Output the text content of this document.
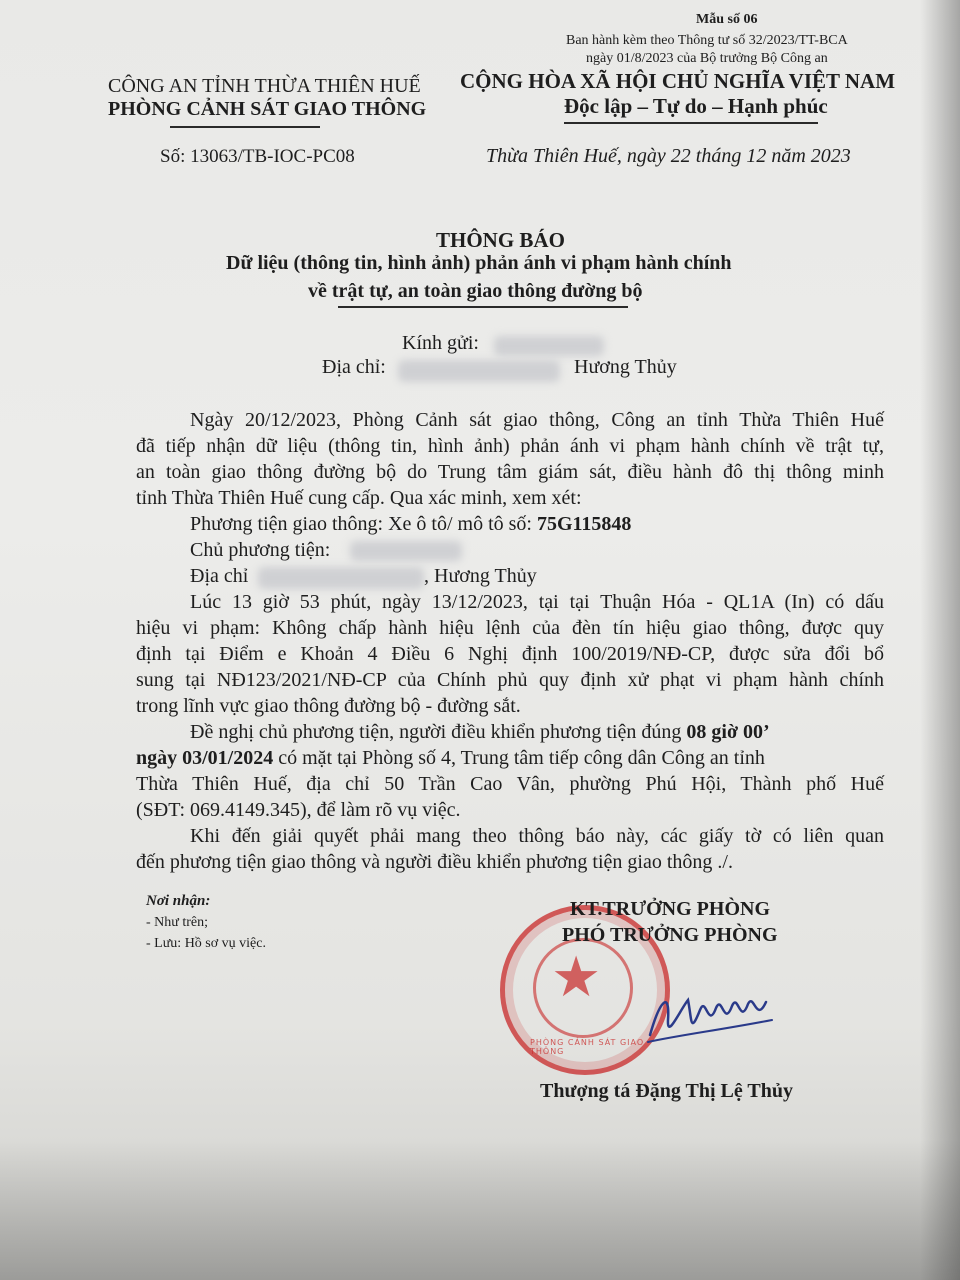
Mẫu số 06
Ban hành kèm theo Thông tư số 32/2023/TT-BCA
ngày 01/8/2023 của Bộ trưởng Bộ Công an
CÔNG AN TỈNH THỪA THIÊN HUẾ
PHÒNG CẢNH SÁT GIAO THÔNG
Số: 13063/TB-IOC-PC08
CỘNG HÒA XÃ HỘI CHỦ NGHĨA VIỆT NAM
Độc lập – Tự do – Hạnh phúc
Thừa Thiên Huế, ngày 22 tháng 12 năm 2023
THÔNG BÁO
Dữ liệu (thông tin, hình ảnh) phản ánh vi phạm hành chính
về trật tự, an toàn giao thông đường bộ
Kính gửi:
Địa chỉ:	Hương Thủy
Ngày 20/12/2023, Phòng Cảnh sát giao thông, Công an tỉnh Thừa Thiên Huế
đã tiếp nhận dữ liệu (thông tin, hình ảnh) phản ánh vi phạm hành chính về trật tự,
an toàn giao thông đường bộ do Trung tâm giám sát, điều hành đô thị thông minh
tỉnh Thừa Thiên Huế cung cấp. Qua xác minh, xem xét:
Phương tiện giao thông: Xe ô tô/ mô tô số: 75G115848
Chủ phương tiện:
Địa chỉ	, Hương Thủy
Lúc 13 giờ 53 phút, ngày 13/12/2023, tại tại Thuận Hóa - QL1A (In) có dấu
hiệu vi phạm: Không chấp hành hiệu lệnh của đèn tín hiệu giao thông, được quy
định tại Điểm e Khoản 4 Điều 6 Nghị định 100/2019/NĐ-CP, được sửa đổi bổ
sung tại NĐ123/2021/NĐ-CP của Chính phủ quy định xử phạt vi phạm hành chính
trong lĩnh vực giao thông đường bộ - đường sắt.
Đề nghị chủ phương tiện, người điều khiển phương tiện đúng 08 giờ 00’
ngày 03/01/2024 có mặt tại Phòng số 4, Trung tâm tiếp công dân Công an tỉnh
Thừa Thiên Huế, địa chỉ 50 Trần Cao Vân, phường Phú Hội, Thành phố Huế
(SĐT: 069.4149.345), để làm rõ vụ việc.
Khi đến giải quyết phải mang theo thông báo này, các giấy tờ có liên quan
đến phương tiện giao thông và người điều khiển phương tiện giao thông ./.
Nơi nhận:
- Như trên;
- Lưu: Hồ sơ vụ việc.
★
PHÒNG CẢNH SÁT GIAO THÔNG
KT.TRƯỞNG PHÒNG
PHÓ TRƯỞNG PHÒNG
Thượng tá Đặng Thị Lệ Thủy
